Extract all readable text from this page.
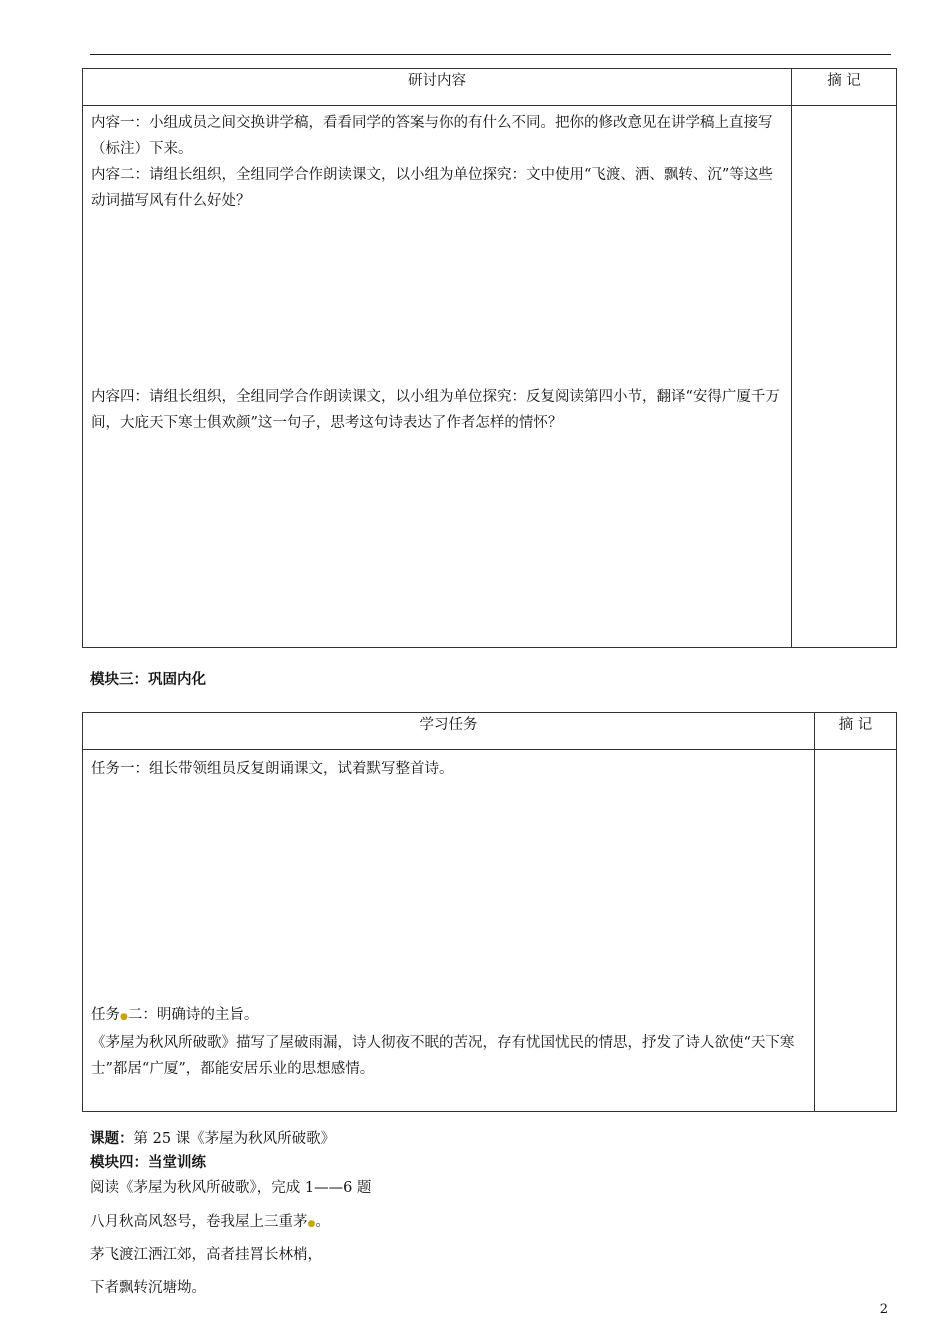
研讨内容	摘 记

内容一：小组成员之间交换讲学稿，看看同学的答案与你的有什么不同。把你的修改意见在讲学稿上直接写（标注）下来。

内容二：请组长组织，全组同学合作朗读课文，以小组为单位探究：文中使用“飞渡、洒、飘转、沉”等这些动词描写风有什么好处？

内容四：请组长组织，全组同学合作朗读课文，以小组为单位探究：反复阅读第四小节，翻译“安得广厦千万间，大庇天下寒士俱欢颜”这一句子，思考这句诗表达了作者怎样的情怀？	

模块三：巩固内化
学习任务	摘 记

任务一：组长带领组员反复朗诵课文，试着默写整首诗。

任务●二：明确诗的主旨。

《茅屋为秋风所破歌》描写了屋破雨漏，诗人彻夜不眠的苦况，存有忧国忧民的情思，抒发了诗人欲使“天下寒士”都居“广厦”，都能安居乐业的思想感情。	

课题：第 25 课《茅屋为秋风所破歌》
模块四：当堂训练
阅读《茅屋为秋风所破歌》，完成 1——6 题
八月秋高风怒号，卷我屋上三重茅●。
茅飞渡江洒江郊，高者挂罥长林梢，
下者飘转沉塘坳。
2
